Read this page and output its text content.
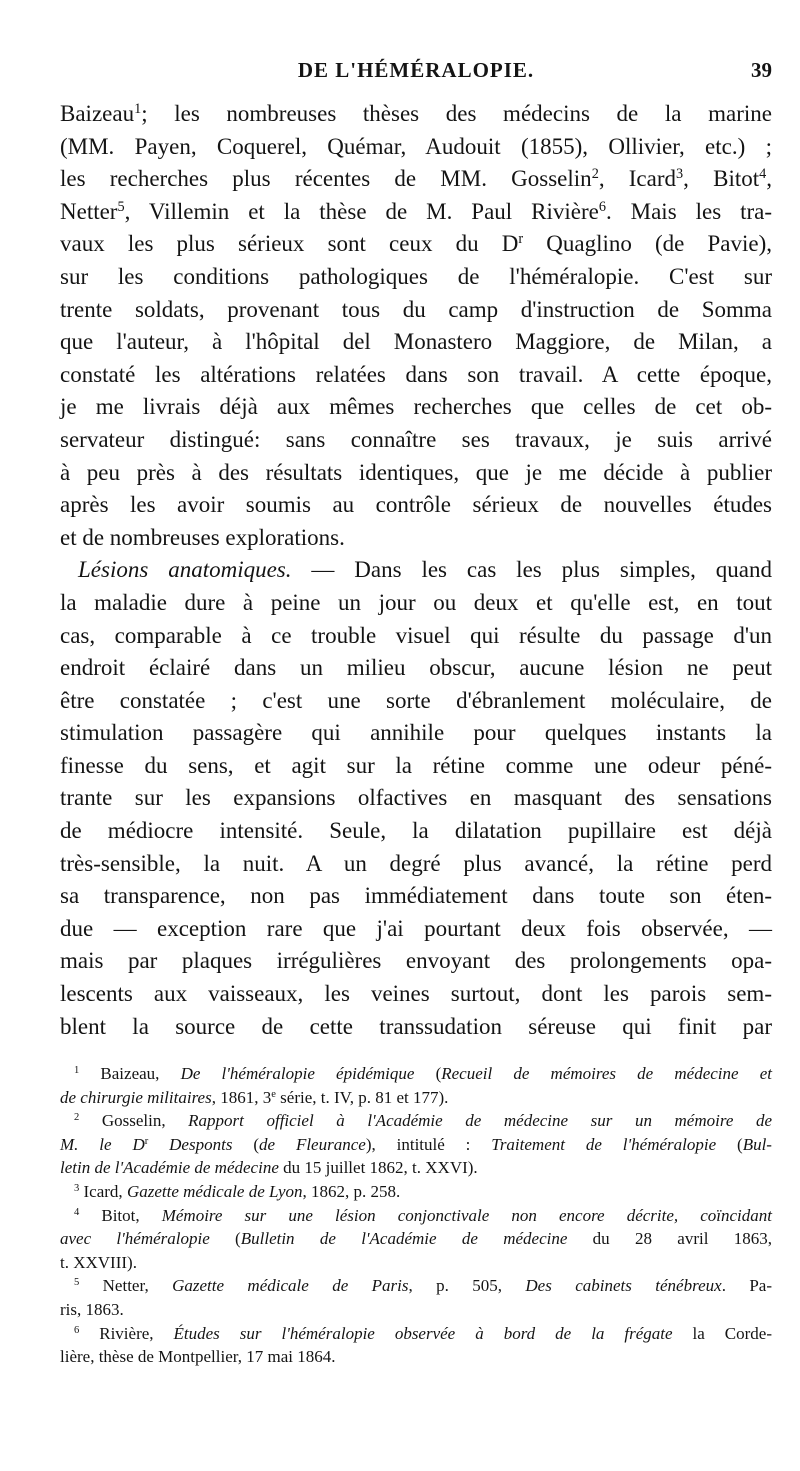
DE L'HÉMÉRALOPIE.	39
Baizeau$^1$; les nombreuses thèses des médecins de la marine
(MM. Payen, Coquerel, Quémar, Audouit (1855), Ollivier, etc.) ;
les recherches plus récentes de MM. Gosselin$^2$, Icard$^3$, Bitot$^4$,
Netter$^5$, Villemin et la thèse de M. Paul Rivière$^6$. Mais les tra-
vaux les plus sérieux sont ceux du $D^r$ Quaglino (de Pavie),
sur les conditions pathologiques de l'héméralopie. C'est sur
trente soldats, provenant tous du camp d'instruction de Somma
que l'auteur, à l'hôpital del Monastero Maggiore, de Milan, a
constaté les altérations relatées dans son travail. A cette époque,
je me livrais déjà aux mêmes recherches que celles de cet ob-
servateur distingué: sans connaître ses travaux, je suis arrivé
à peu près à des résultats identiques, que je me décide à publier
après les avoir soumis au contrôle sérieux de nouvelles études
et de nombreuses explorations.
Lésions anatomiques. — Dans les cas les plus simples, quand
la maladie dure à peine un jour ou deux et qu'elle est, en tout
cas, comparable à ce trouble visuel qui résulte du passage d'un
endroit éclairé dans un milieu obscur, aucune lésion ne peut
être constatée ; c'est une sorte d'ébranlement moléculaire, de
stimulation passagère qui annihile pour quelques instants la
finesse du sens, et agit sur la rétine comme une odeur péné-
trante sur les expansions olfactives en masquant des sensations
de médiocre intensité. Seule, la dilatation pupillaire est déjà
très-sensible, la nuit. A un degré plus avancé, la rétine perd
sa transparence, non pas immédiatement dans toute son éten-
due — exception rare que j'ai pourtant deux fois observée, —
mais par plaques irrégulières envoyant des prolongements opa-
lescents aux vaisseaux, les veines surtout, dont les parois sem-
blent la source de cette transsudation séreuse qui finit par
$^1$ Baizeau, De l'héméralopie épidémique (Recueil de mémoires de médecine et
de chirurgie militaires, 1861, 3e série, t. IV, p. 81 et 177).
$^2$ Gosselin, Rapport officiel à l'Académie de médecine sur un mémoire de
M. le $D^r$ Desponts (de Fleurance), intitulé : Traitement de l'héméralopie (Bul-
letin de l'Académie de médecine du 15 juillet 1862, t. XXVI).
$^3$ Icard, Gazette médicale de Lyon, 1862, p. 258.
$^4$ Bitot, Mémoire sur une lésion conjonctivale non encore décrite, coïncidant
avec l'héméralopie (Bulletin de l'Académie de médecine du 28 avril 1863,
t. XXVIII).
$^5$ Netter, Gazette médicale de Paris, p. 505, Des cabinets ténébreux. Pa-
ris, 1863.
$^6$ Rivière, Études sur l'héméralopie observée à bord de la frégate la Corde-
lière, thèse de Montpellier, 17 mai 1864.
